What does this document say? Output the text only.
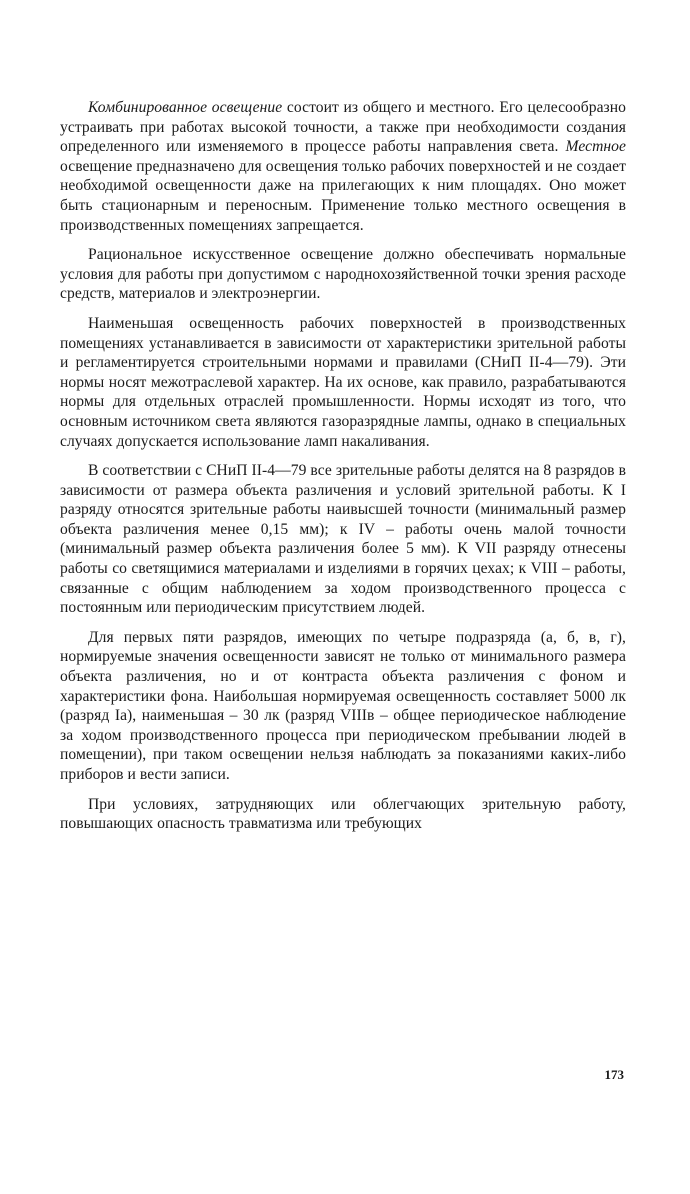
Комбинированное освещение состоит из общего и местного. Его целесообразно устраивать при работах высокой точности, а также при необходимости создания определенного или изменяемого в процессе работы направления света. Местное освещение предназначено для освещения только рабочих поверхностей и не создает необходимой освещенности даже на прилегающих к ним площадях. Оно может быть стационарным и переносным. Применение только местного освещения в производственных помещениях запрещается.

Рациональное искусственное освещение должно обеспечивать нормальные условия для работы при допустимом с народнохозяйственной точки зрения расходе средств, материалов и электроэнергии.

Наименьшая освещенность рабочих поверхностей в производственных помещениях устанавливается в зависимости от характеристики зрительной работы и регламентируется строительными нормами и правилами (СНиП II-4—79). Эти нормы носят межотраслевой характер. На их основе, как правило, разрабатываются нормы для отдельных отраслей промышленности. Нормы исходят из того, что основным источником света являются газоразрядные лампы, однако в специальных случаях допускается использование ламп накаливания.

В соответствии с СНиП II-4—79 все зрительные работы делятся на 8 разрядов в зависимости от размера объекта различения и условий зрительной работы. К I разряду относятся зрительные работы наивысшей точности (минимальный размер объекта различения менее 0,15 мм); к IV – работы очень малой точности (минимальный размер объекта различения более 5 мм). К VII разряду отнесены работы со светящимися материалами и изделиями в горячих цехах; к VIII – работы, связанные с общим наблюдением за ходом производственного процесса с постоянным или периодическим присутствием людей.

Для первых пяти разрядов, имеющих по четыре подразряда (а, б, в, г), нормируемые значения освещенности зависят не только от минимального размера объекта различения, но и от контраста объекта различения с фоном и характеристики фона. Наибольшая нормируемая освещенность составляет 5000 лк (разряд Iа), наименьшая – 30 лк (разряд VIIIв – общее периодическое наблюдение за ходом производственного процесса при периодическом пребывании людей в помещении), при таком освещении нельзя наблюдать за показаниями каких-либо приборов и вести записи.

При условиях, затрудняющих или облегчающих зрительную работу, повышающих опасность травматизма или требующих

173
